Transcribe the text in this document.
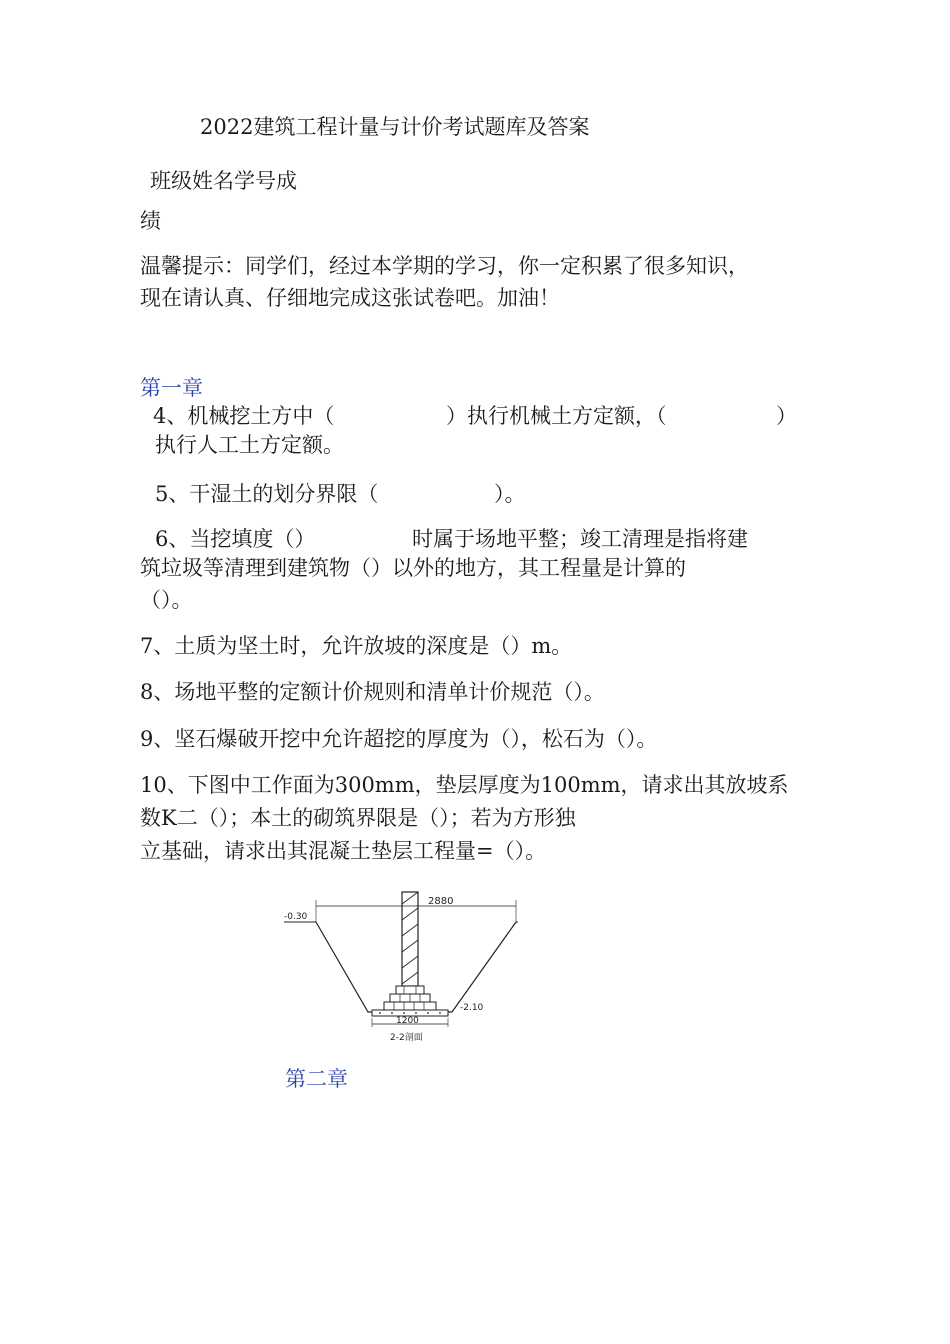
2022建筑工程计量与计价考试题库及答案
班级姓名学号成
绩
温馨提示：同学们，经过本学期的学习，你一定积累了很多知识，
现在请认真、仔细地完成这张试卷吧。加油！
第一章
4、机械挖土方中（	）执行机械土方定额，（	）
执行人工土方定额。
5、干湿土的划分界限（	）。
6、当挖填度（）	时属于场地平整；竣工清理是指将建
筑垃圾等清理到建筑物（）以外的地方，其工程量是计算的
（）。
7、土质为坚土时，允许放坡的深度是（）m。
8、场地平整的定额计价规则和清单计价规范（）。
9、坚石爆破开挖中允许超挖的厚度为（），松石为（）。
10、下图中工作面为300mm，垫层厚度为100mm，请求出其放坡系
数K二（）；本土的砌筑界限是（）；若为方形独
立基础，请求出其混凝土垫层工程量=（）。
2880
-0.30
-2.10
1200
2-2剖面
第二章
